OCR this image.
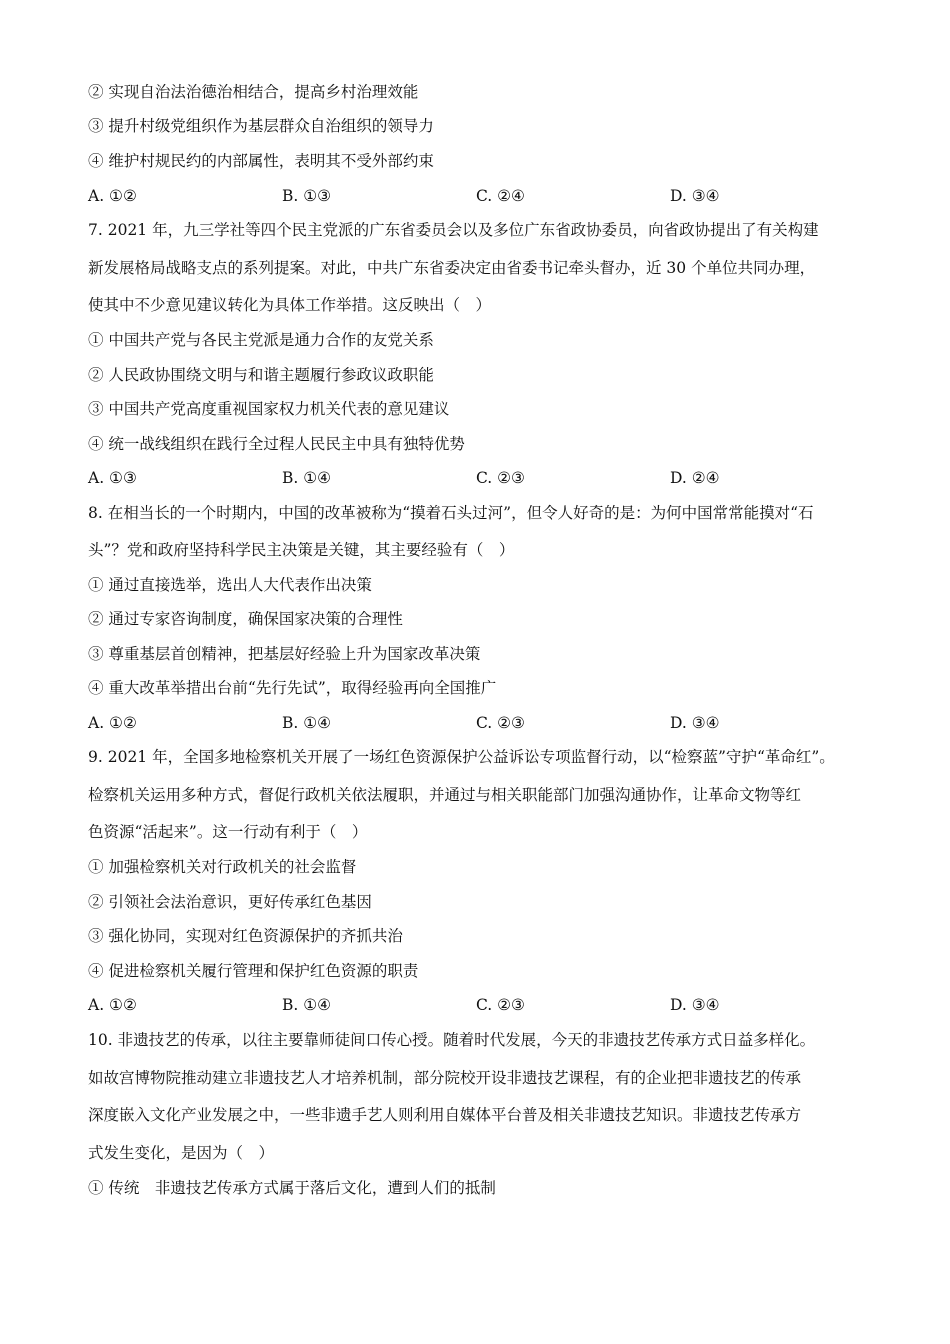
② 实现自治法治德治相结合，提高乡村治理效能
③ 提升村级党组织作为基层群众自治组织的领导力
④ 维护村规民约的内部属性，表明其不受外部约束
A. ①②	B. ①③	C. ②④	D. ③④
7. 2021 年，九三学社等四个民主党派的广东省委员会以及多位广东省政协委员，向省政协提出了有关构建
新发展格局战略支点的系列提案。对此，中共广东省委决定由省委书记牵头督办，近 30 个单位共同办理，
使其中不少意见建议转化为具体工作举措。这反映出（　）
① 中国共产党与各民主党派是通力合作的友党关系
② 人民政协围绕文明与和谐主题履行参政议政职能
③ 中国共产党高度重视国家权力机关代表的意见建议
④ 统一战线组织在践行全过程人民民主中具有独特优势
A. ①③	B. ①④	C. ②③	D. ②④
8. 在相当长的一个时期内，中国的改革被称为“摸着石头过河”，但令人好奇的是：为何中国常常能摸对“石
头”？党和政府坚持科学民主决策是关键，其主要经验有（　）
① 通过直接选举，选出人大代表作出决策
② 通过专家咨询制度，确保国家决策的合理性
③ 尊重基层首创精神，把基层好经验上升为国家改革决策
④ 重大改革举措出台前“先行先试”，取得经验再向全国推广
A. ①②	B. ①④	C. ②③	D. ③④
9. 2021 年，全国多地检察机关开展了一场红色资源保护公益诉讼专项监督行动，以“检察蓝”守护“革命红”。
检察机关运用多种方式，督促行政机关依法履职，并通过与相关职能部门加强沟通协作，让革命文物等红
色资源“活起来”。这一行动有利于（　）
① 加强检察机关对行政机关的社会监督
② 引领社会法治意识，更好传承红色基因
③ 强化协同，实现对红色资源保护的齐抓共治
④ 促进检察机关履行管理和保护红色资源的职责
A. ①②	B. ①④	C. ②③	D. ③④
10. 非遗技艺的传承，以往主要靠师徒间口传心授。随着时代发展，今天的非遗技艺传承方式日益多样化。
如故宫博物院推动建立非遗技艺人才培养机制，部分院校开设非遗技艺课程，有的企业把非遗技艺的传承
深度嵌入文化产业发展之中，一些非遗手艺人则利用自媒体平台普及相关非遗技艺知识。非遗技艺传承方
式发生变化，是因为（　）
① 传统　非遗技艺传承方式属于落后文化，遭到人们的抵制
